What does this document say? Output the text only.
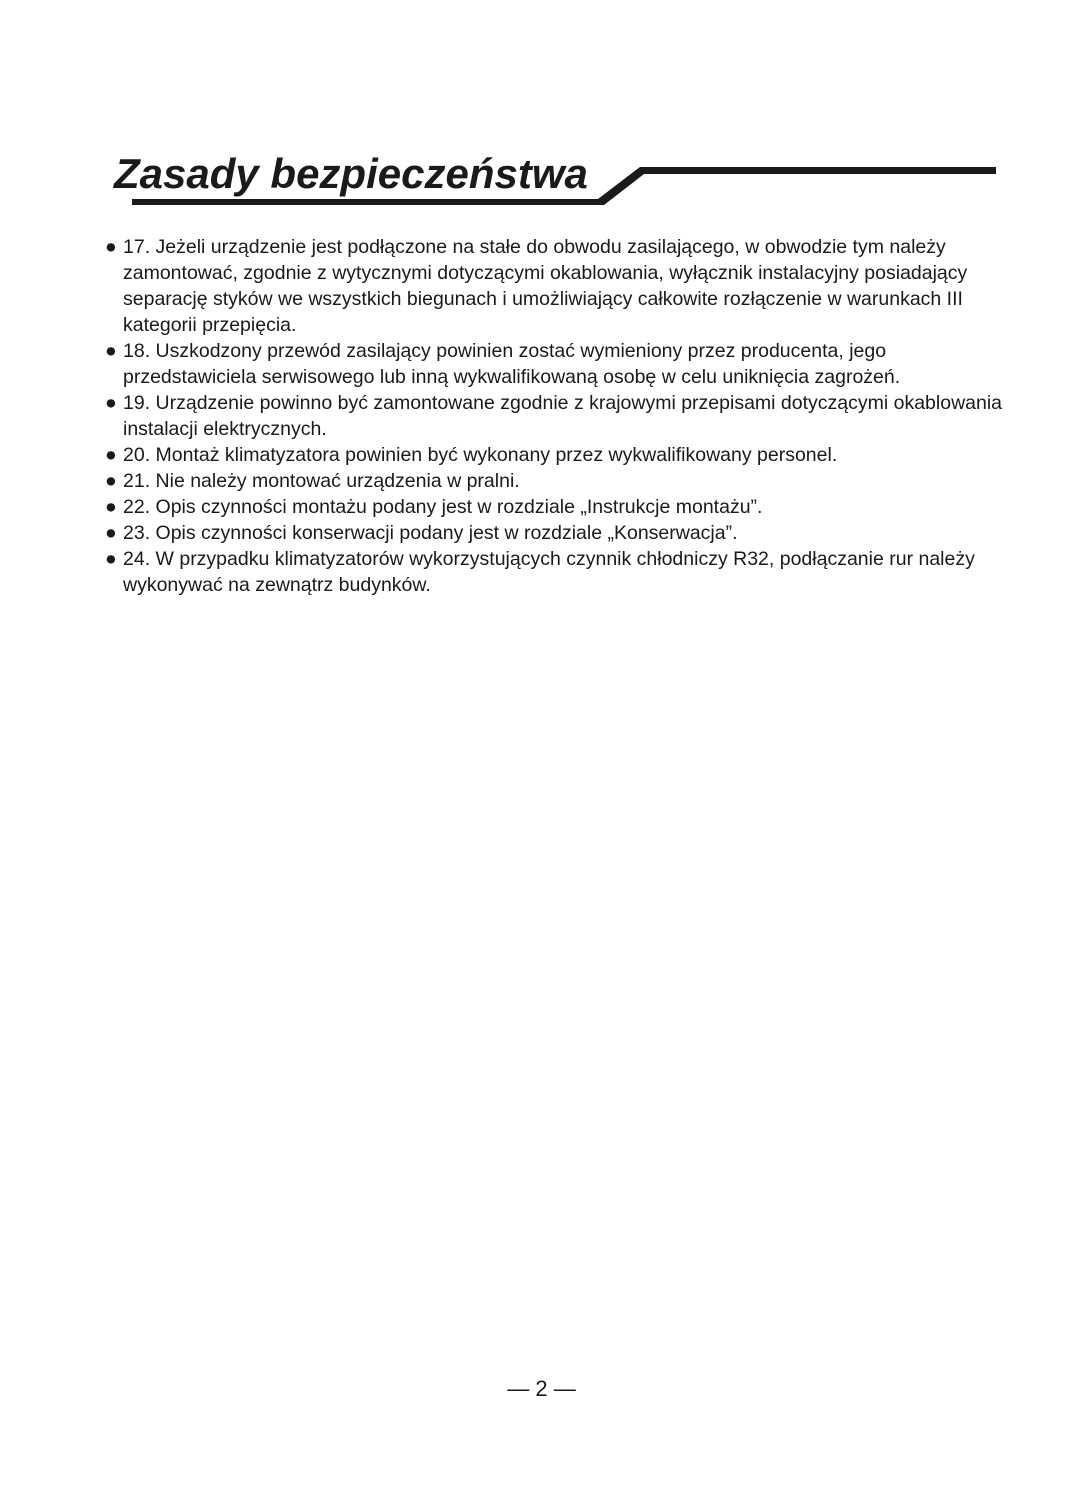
Zasady bezpieczeństwa
● 17. Jeżeli urządzenie jest podłączone na stałe do obwodu zasilającego, w obwodzie tym należy zamontować, zgodnie z wytycznymi dotyczącymi okablowania, wyłącznik instalacyjny posiadający separację styków we wszystkich biegunach i umożliwiający całkowite rozłączenie w warunkach III kategorii przepięcia.
● 18. Uszkodzony przewód zasilający powinien zostać wymieniony przez producenta, jego przedstawiciela serwisowego lub inną wykwalifikowaną osobę w celu uniknięcia zagrożeń.
● 19. Urządzenie powinno być zamontowane zgodnie z krajowymi przepisami dotyczącymi okablowania instalacji elektrycznych.
● 20. Montaż klimatyzatora powinien być wykonany przez wykwalifikowany personel.
● 21. Nie należy montować urządzenia w pralni.
● 22. Opis czynności montażu podany jest w rozdziale „Instrukcje montażu”.
● 23. Opis czynności konserwacji podany jest w rozdziale „Konserwacja”.
● 24. W przypadku klimatyzatorów wykorzystujących czynnik chłodniczy R32, podłączanie rur należy wykonywać na zewnątrz budynków.
— 2 —
